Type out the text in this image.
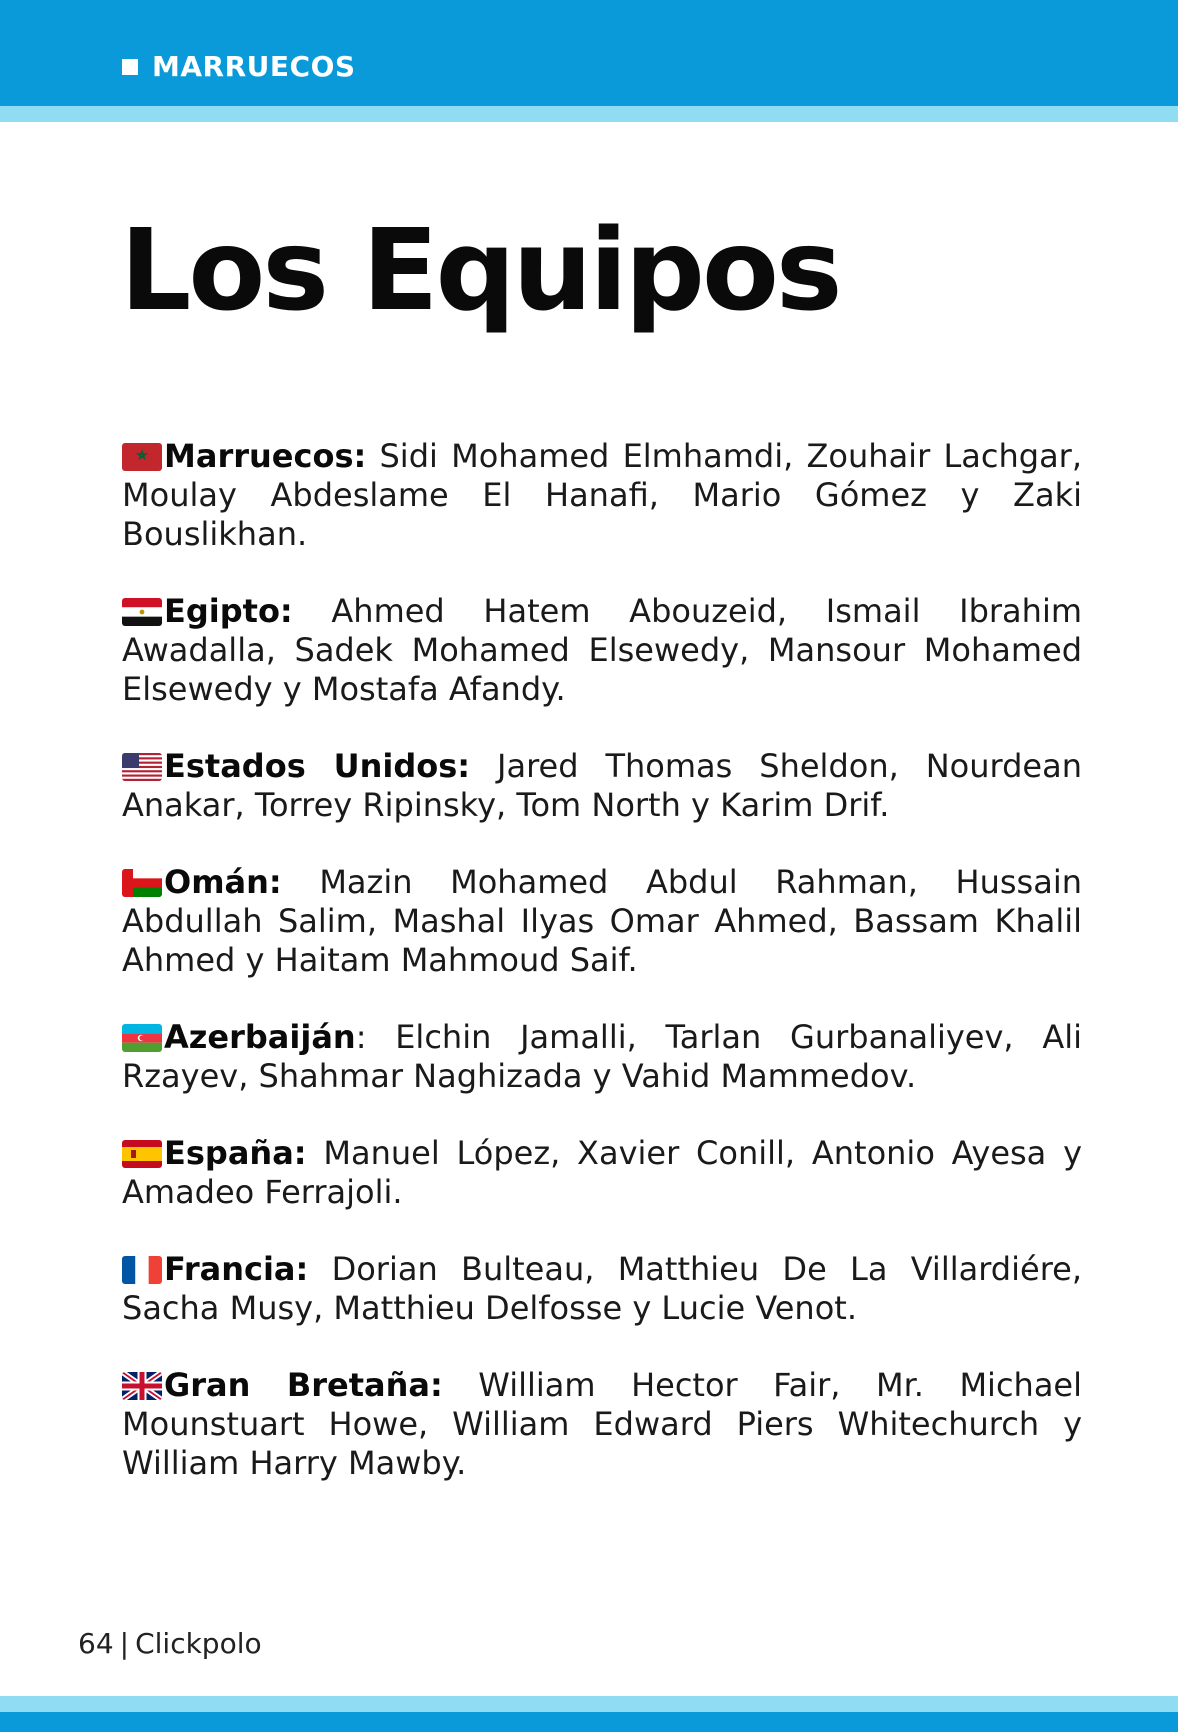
MARRUECOS
Los Equipos

Marruecos: Sidi Mohamed Elmhamdi, Zouhair Lachgar, Moulay Abdeslame El Hanafi, Mario Gómez y Zaki Bouslikhan.

Egipto: Ahmed Hatem Abouzeid, Ismail Ibrahim Awadalla, Sadek Mohamed Elsewedy, Mansour Mohamed Elsewedy y Mostafa Afandy.

Estados Unidos: Jared Thomas Sheldon, Nourdean Anakar, Torrey Ripinsky, Tom North y Karim Drif.

Omán: Mazin Mohamed Abdul Rahman, Hussain Abdullah Salim, Mashal Ilyas Omar Ahmed, Bassam Khalil Ahmed y Haitam Mahmoud Saif.

Azerbaiján: Elchin Jamalli, Tarlan Gurbanaliyev, Ali Rzayev, Shahmar Naghizada y Vahid Mammedov.

España: Manuel López, Xavier Conill, Antonio Ayesa y Amadeo Ferrajoli.

Francia: Dorian Bulteau, Matthieu De La Villardiére, Sacha Musy, Matthieu Delfosse y Lucie Venot.

Gran Bretaña: William Hector Fair, Mr. Michael Mounstuart Howe, William Edward Piers Whitechurch y William Harry Mawby.

64 | Clickpolo
